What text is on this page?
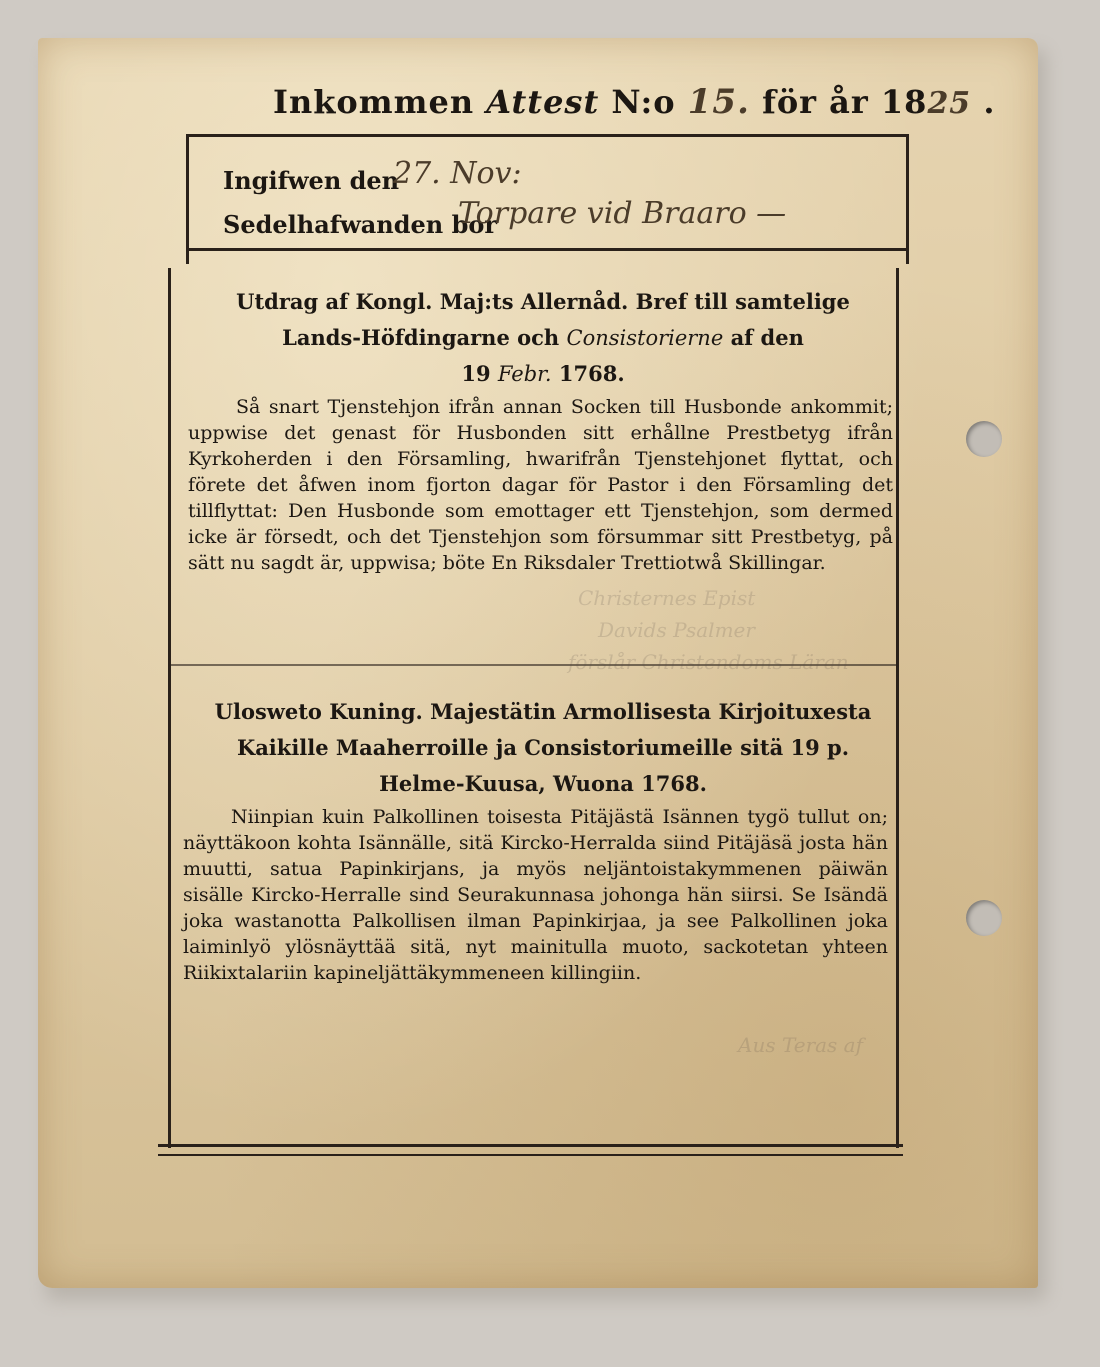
Inkommen Attest N:o 15. för år 1825 .
Ingifwen den
27. Nov:
Sedelhafwanden bor
Torpare vid Braaro —
Utdrag af Kongl. Maj:ts Allernåd. Bref till samtelige
Lands-Höfdingarne och Consistorierne af den
19 Febr. 1768.

Så snart Tjenstehjon ifrån annan Socken till Husbonde ankommit; uppwise det genast för Husbonden sitt erhållne Prestbetyg ifrån Kyrkoherden i den Församling, hwarifrån Tjenstehjonet flyttat, och förete det åfwen inom fjorton dagar för Pastor i den Församling det tillflyttat: Den Husbonde som emottager ett Tjenstehjon, som dermed icke är försedt, och det Tjenstehjon som försummar sitt Prestbetyg, på sätt nu sagdt är, uppwisa; böte En Riksdaler Trettiotwå Skillingar.

Christernes Epist
Davids Psalmer
förslår Christendoms Läran
Aus Teras af
Ulosweto Kuning. Majestätin Armollisesta Kirjoituxesta
Kaikille Maaherroille ja Consistoriumeille sitä 19 p.
Helme-Kuusa, Wuona 1768.

Niinpian kuin Palkollinen toisesta Pitäjästä Isännen tygö tullut on; näyttäkoon kohta Isännälle, sitä Kircko-Herralda siind Pitäjäsä josta hän muutti, satua Papinkirjans, ja myös neljäntoistakymmenen päiwän sisälle Kircko-Herralle sind Seurakunnasa johonga hän siirsi. Se Isändä joka wastanotta Palkollisen ilman Papinkirjaa, ja see Palkollinen joka laiminlyö ylösnäyttää sitä, nyt mainitulla muoto, sackotetan yhteen Riikixtalariin kapineljättäkymmeneen killingiin.
